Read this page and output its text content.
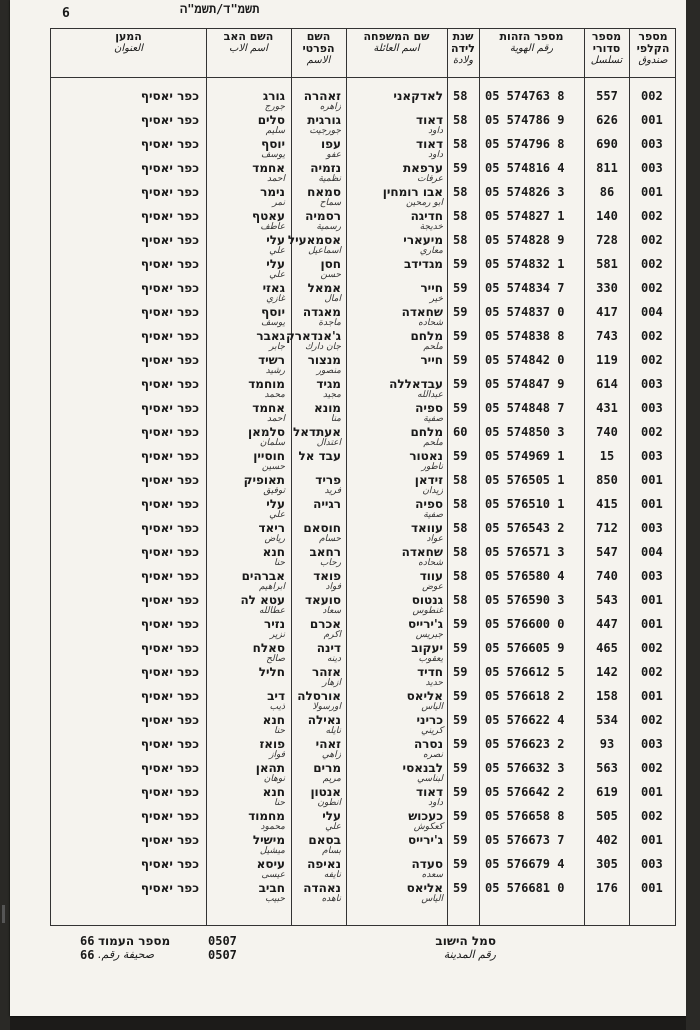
6	תשמ"ד/תשמ"ה
מספר הקלפי
صندوق
מספר סדורי
تسلسل
מספר הזהות
رقم الهوية
שנת לידה
ولادة
שם המשפחה
اسم العائلة
השם הפרטי
الاسم
השם האב
اسم الاب
המען
العنوان
002
557
05 574763 8
58
לאדקאני
זאהרה
גורג
כפר יאסיף
زاهره
جورج
001
626
05 574786 9
58
דאוד
גורגית
סלים
כפר יאסיף
داود
جورجيت
سليم
003
690
05 574796 8
58
דאוד
עפו
יוסף
כפר יאסיף
داود
عفو
يوسف
003
811
05 574816 4
59
ערפאת
נזמיה
אחמד
כפר יאסיף
عرفات
نظمية
احمد
001
86
05 574826 3
58
אבו רומחין
סמאח
נימר
כפר יאסיף
ابو رمحين
سماح
نمر
002
140
05 574827 1
58
חדיגה
רסמיה
עאטף
כפר יאסיף
خديجة
رسمية
عاطف
002
728
05 574828 9
58
מיעארי
אסמאעיל
עלי
כפר יאסיף
معاري
اسماعيل
علي
002
581
05 574832 1
59
מגדידב
חסן
עלי
כפר יאסיף
حسن
علي
002
330
05 574834 7
59
חייר
אמאל
גאזי
כפר יאסיף
خير
امال
غازي
004
417
05 574837 0
59
שחאדה
מאגדה
יוסף
כפר יאסיף
شحاده
ماجدة
يوسف
002
743
05 574838 8
59
מלחם
ג'אנדארק
גאבר
כפר יאסיף
ملحم
جان دارك
جابر
002
119
05 574842 0
59
חייר
מנצור
רשיד
כפר יאסיף
منصور
رشيد
003
614
05 574847 9
59
עבדאללה
מגיד
מוחמד
כפר יאסיף
عبدالله
مجيد
محمد
003
431
05 574848 7
59
ספיה
מונא
אחמד
כפר יאסיף
صفية
منا
احمد
002
740
05 574850 3
60
מלחם
אעתדאל
סלמאן
כפר יאסיף
ملحم
اعتدال
سلمان
003
15
05 574969 1
59
נאטור
עבד אל
חוסיין
כפר יאסיף
ناطور
حسين
001
850
05 576505 1
58
זידאן
פריד
תאופיק
כפר יאסיף
زيدان
فريد
توفيق
001
415
05 576510 1
58
ספיה
רגייה
עלי
כפר יאסיף
صفية
علي
003
712
05 576543 2
58
עוואד
חוסאם
ריאד
כפר יאסיף
عواد
حسام
رياض
004
547
05 576571 3
58
שחאדה
רחאב
חנא
כפר יאסיף
شحاده
رحاب
حنا
003
740
05 576580 4
58
עווד
פואד
אברהים
כפר יאסיף
عوض
فواد
ابراهيم
001
543
05 576590 3
58
גנטוס
סועאד
עטא לה
כפר יאסיף
غنطوس
سعاد
عطالله
001
447
05 576600 0
59
ג'ירייס
אכרם
נזיר
כפר יאסיף
جبريس
اكرم
نزير
002
465
05 576605 9
59
יעקוב
דינה
סאלח
כפר יאסיף
يعقوب
دينه
صالح
002
142
05 576612 5
59
חדיד
אזהר
חליל
כפר יאסיף
حديد
ازهار
001
158
05 576618 2
59
אליאס
אורסלה
דיב
כפר יאסיף
الياس
اورسولا
ذيب
002
534
05 576622 4
59
כריני
נאילה
חנא
כפר יאסיף
كريني
نايله
حنا
003
93
05 576623 2
59
נסרה
זאהי
פואז
כפר יאסיף
نصره
زاهي
فواز
002
563
05 576632 3
59
לבנאסי
מרים
תהאן
כפר יאסיף
لبناسي
مريم
نوهان
001
619
05 576642 2
59
דאוד
אנטון
חנא
כפר יאסיף
داود
انطون
حنا
002
505
05 576658 8
59
כעכוש
עלי
מחמוד
כפר יאסיף
كعكوش
علي
محمود
001
402
05 576673 7
59
ג'ירייס
בסאם
מישיל
כפר יאסיף
بسام
ميشيل
003
305
05 576679 4
59
סעדה
נאיפה
עיסא
כפר יאסיף
سعده
نايفه
عيسى
001
176
05 576681 0
59
אליאס
נאהדה
חביב
כפר יאסיף
الياس
ناهده
حبيب
סמל הישוב
0507
رقم المدينة
0507
מספר העמוד
66
صحيفة رقم.
66
